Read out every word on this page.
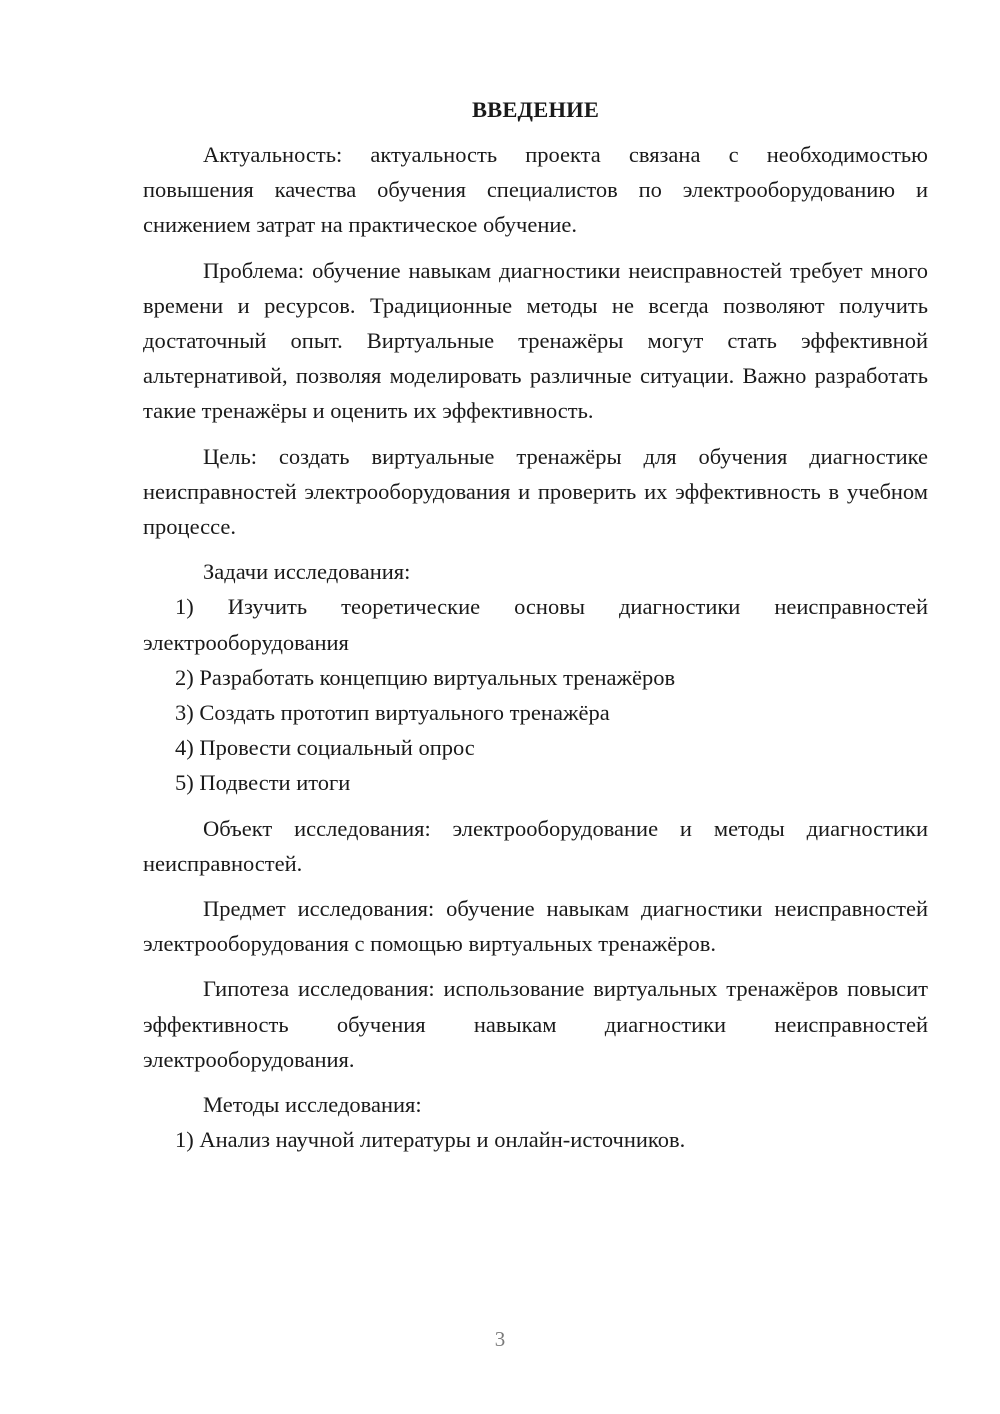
ВВЕДЕНИЕ

Актуальность: актуальность проекта связана с необходимостью повышения качества обучения специалистов по электрооборудованию и снижением затрат на практическое обучение.

Проблема: обучение навыкам диагностики неисправностей требует много времени и ресурсов. Традиционные методы не всегда позволяют получить достаточный опыт. Виртуальные тренажёры могут стать эффективной альтернативой, позволяя моделировать различные ситуации. Важно разработать такие тренажёры и оценить их эффективность.

Цель: создать виртуальные тренажёры для обучения диагностике неисправностей электрооборудования и проверить их эффективность в учебном процессе.

Задачи исследования:

1) Изучить теоретические основы диагностики неисправностей электрооборудования

2) Разработать концепцию виртуальных тренажёров

3) Создать прототип виртуального тренажёра

4) Провести социальный опрос

5) Подвести итоги

Объект исследования: электрооборудование и методы диагностики неисправностей.

Предмет исследования: обучение навыкам диагностики неисправностей электрооборудования с помощью виртуальных тренажёров.

Гипотеза исследования: использование виртуальных тренажёров повысит эффективность обучения навыкам диагностики неисправностей электрооборудования.

Методы исследования:

1) Анализ научной литературы и онлайн-источников.

3
